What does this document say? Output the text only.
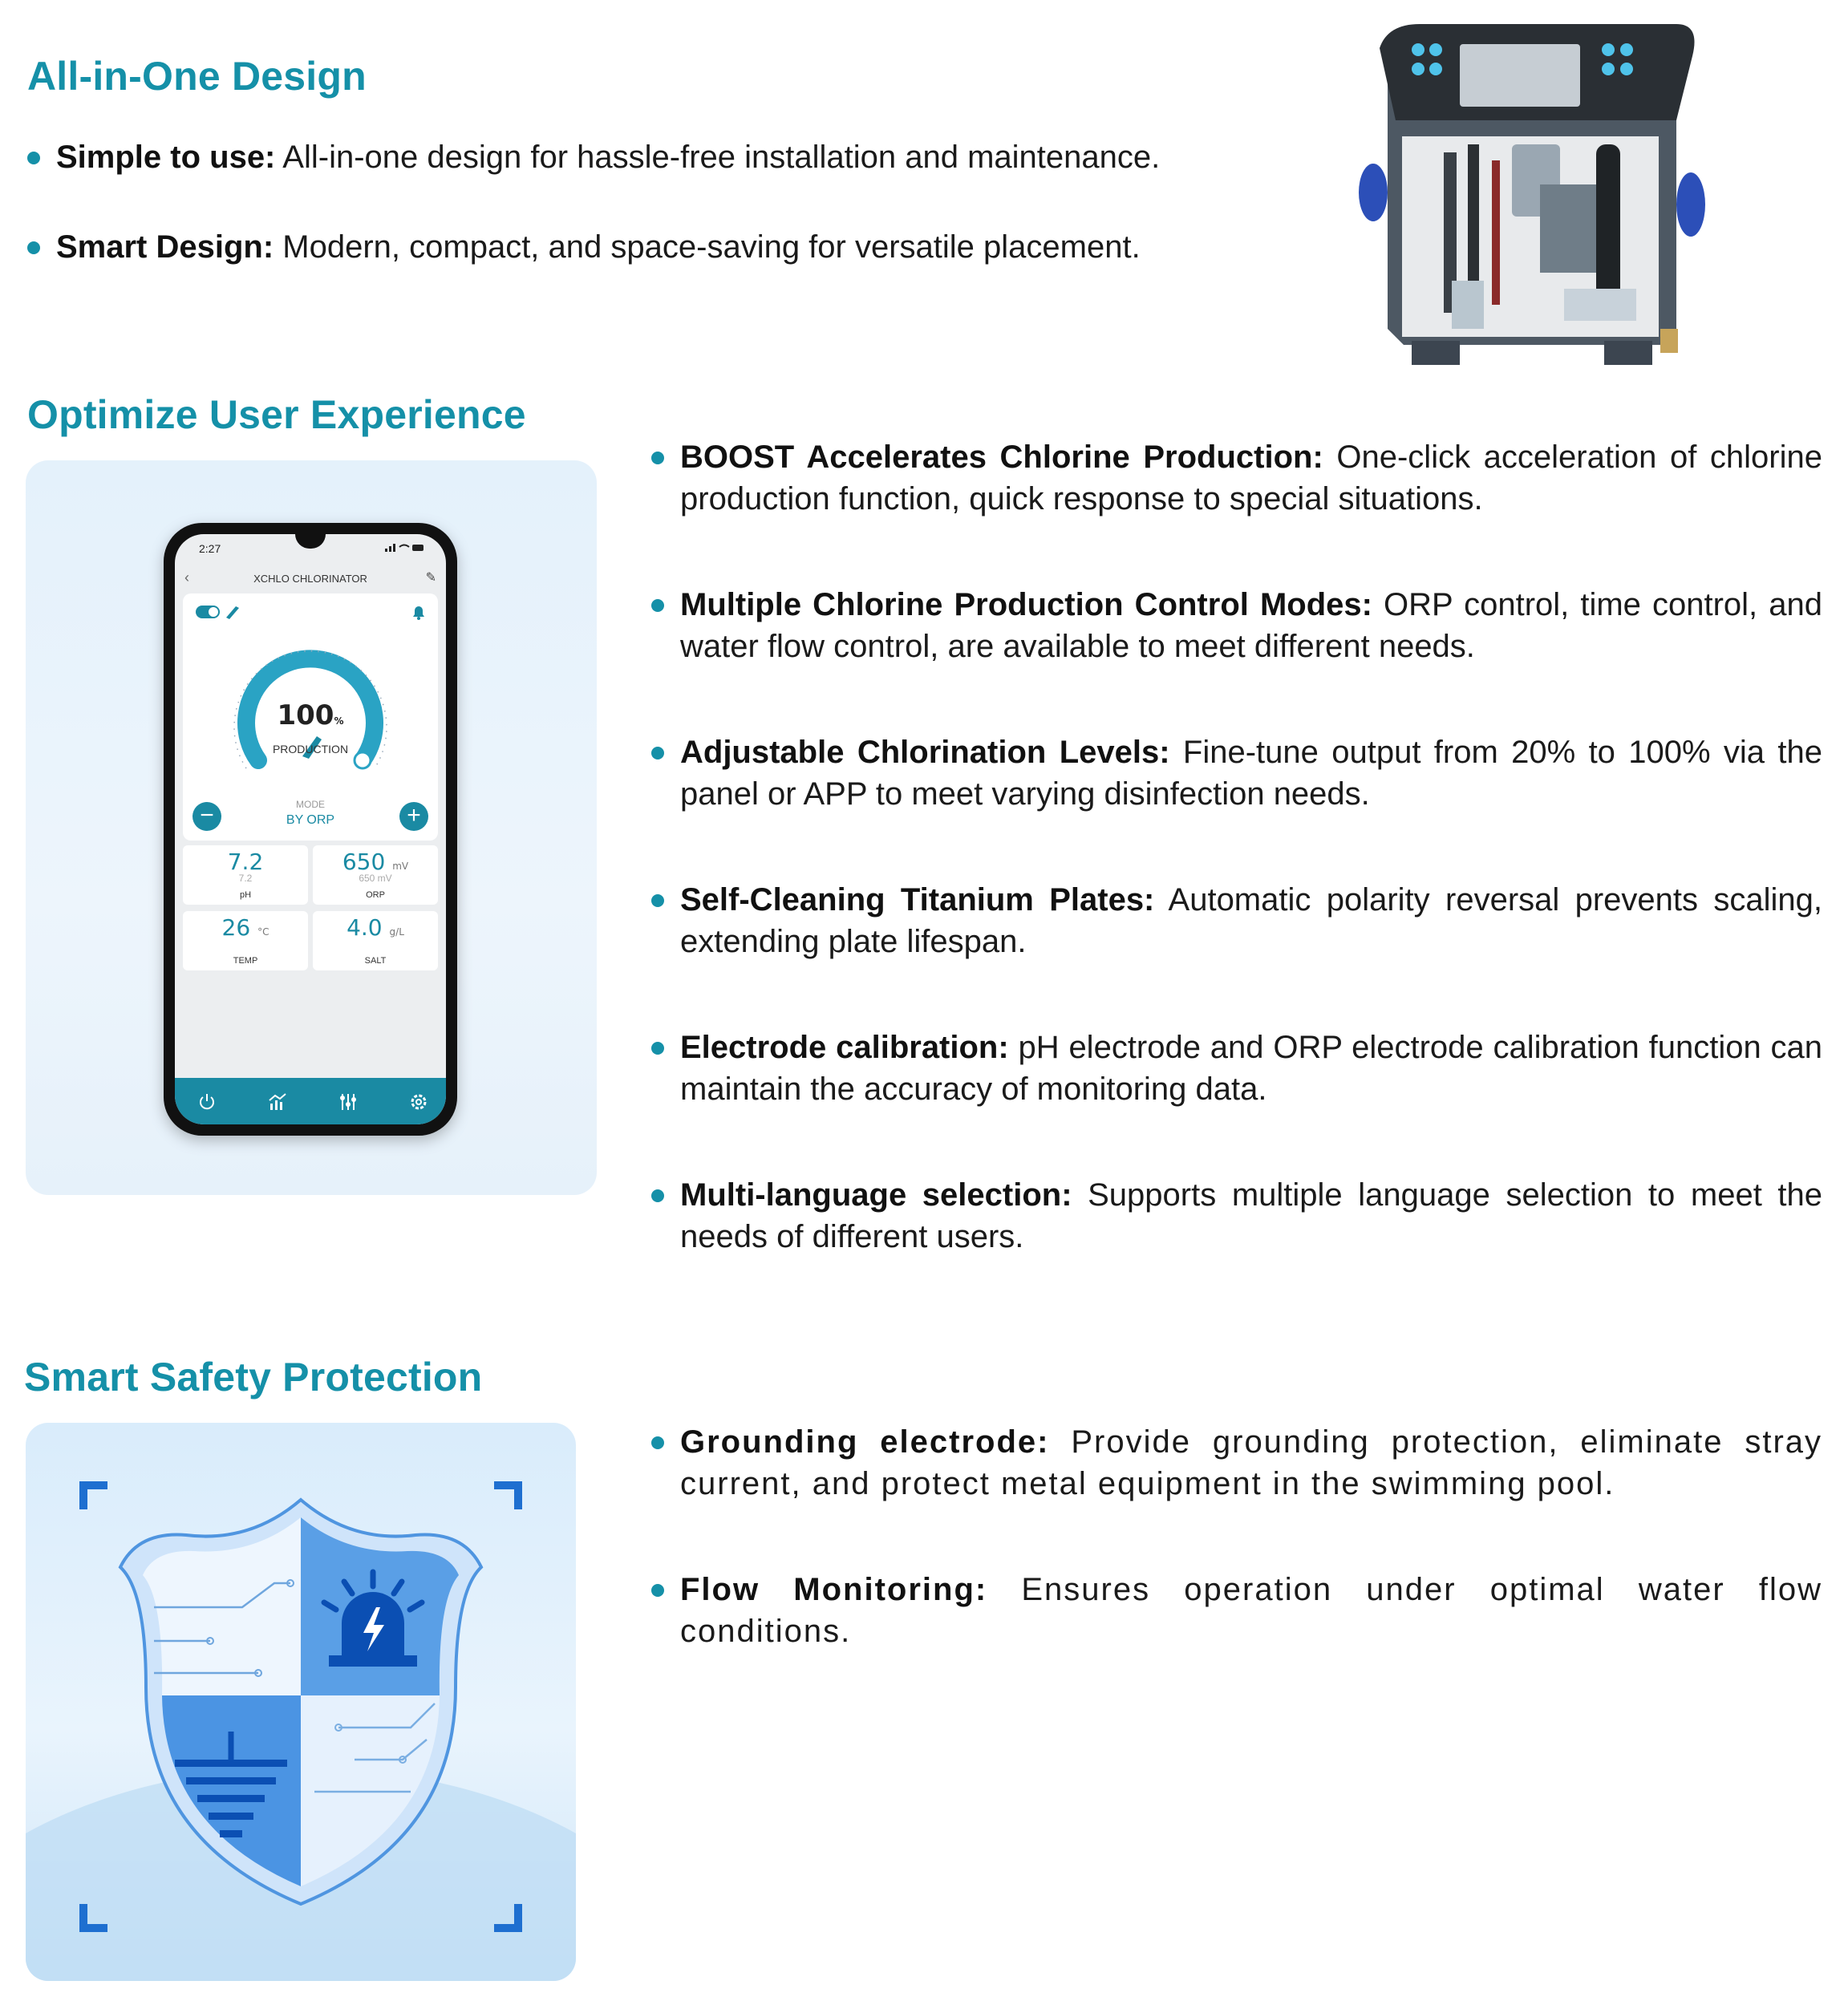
All-in-One Design
Simple to use: All-in-one design for hassle-free installation and maintenance.
Smart Design: Modern, compact, and space-saving for versatile placement.
Optimize User Experience
2:27
‹	XCHLO CHLORINATOR	✎
100%
PRODUCTION
MODE
BY ORP
−	+
7.2
7.2
pH
650 mV
650 mV
ORP
26 °C
TEMP
4.0 g/L
SALT
BOOST Accelerates Chlorine Production: One-click acceleration of chlorine production function, quick response to special situations.
Multiple Chlorine Production Control Modes: ORP control, time control, and water flow control, are available to meet different needs.
Adjustable Chlorination Levels: Fine-tune output from 20% to 100% via the panel or APP to meet varying disinfection needs.
Self-Cleaning Titanium Plates: Automatic polarity reversal prevents scaling, extending plate lifespan.
Electrode calibration: pH electrode and ORP electrode calibration function can maintain the accuracy of monitoring data.
Multi-language selection: Supports multiple language selection to meet the needs of different users.
Smart Safety Protection
Grounding electrode: Provide grounding protection, eliminate stray current, and protect metal equipment in the swimming pool.
Flow Monitoring: Ensures operation under optimal water flow conditions.
